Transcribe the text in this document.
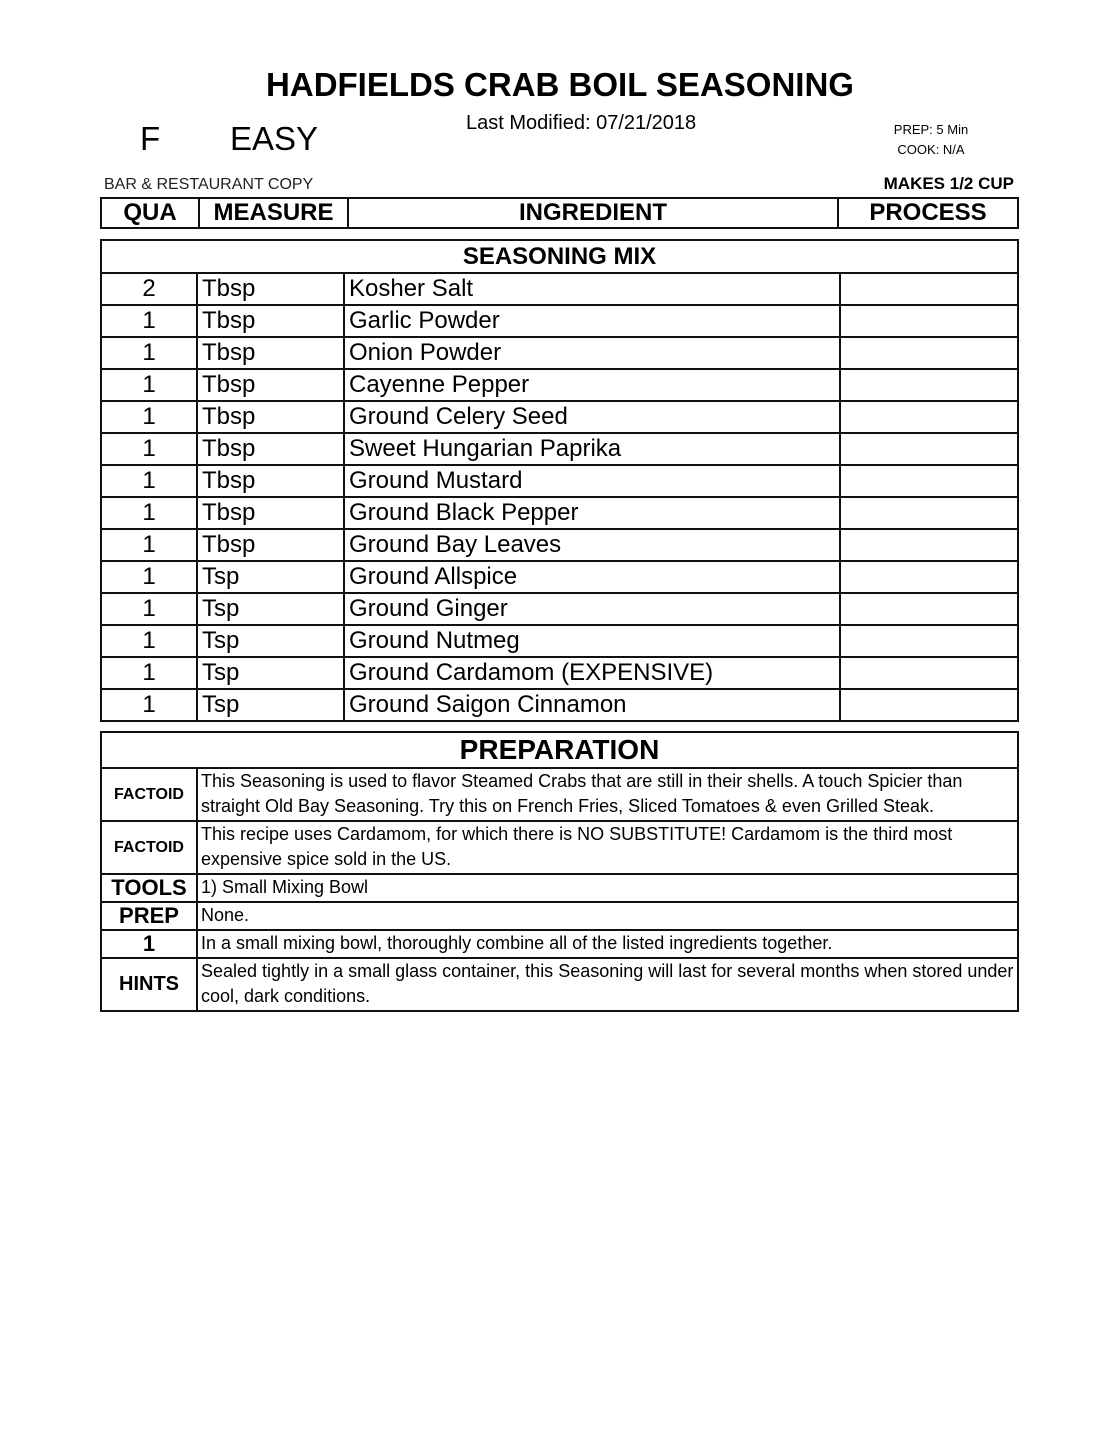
HADFIELDS CRAB BOIL SEASONING
Last Modified: 07/21/2018
F EASY	PREP: 5 Min
COOK: N/A
BAR & RESTAURANT COPY	MAKES 1/2 CUP
QUA	MEASURE	INGREDIENT	PROCESS
SEASONING MIX			
2	Tbsp	Kosher Salt	
1	Tbsp	Garlic Powder	
1	Tbsp	Onion Powder	
1	Tbsp	Cayenne Pepper	
1	Tbsp	Ground Celery Seed	
1	Tbsp	Sweet Hungarian Paprika	
1	Tbsp	Ground Mustard	
1	Tbsp	Ground Black Pepper	
1	Tbsp	Ground Bay Leaves	
1	Tsp	Ground Allspice	
1	Tsp	Ground Ginger	
1	Tsp	Ground Nutmeg	
1	Tsp	Ground Cardamom (EXPENSIVE)	
1	Tsp	Ground Saigon Cinnamon	
PREPARATION	
FACTOID	This Seasoning is used to flavor Steamed Crabs that are still in their shells. A touch Spicier than straight Old Bay Seasoning. Try this on French Fries, Sliced Tomatoes & even Grilled Steak.
FACTOID	This recipe uses Cardamom, for which there is NO SUBSTITUTE! Cardamom is the third most expensive spice sold in the US.
TOOLS	1) Small Mixing Bowl
PREP	None.
1	In a small mixing bowl, thoroughly combine all of the listed ingredients together.
HINTS	Sealed tightly in a small glass container, this Seasoning will last for several months when stored under cool, dark conditions.
